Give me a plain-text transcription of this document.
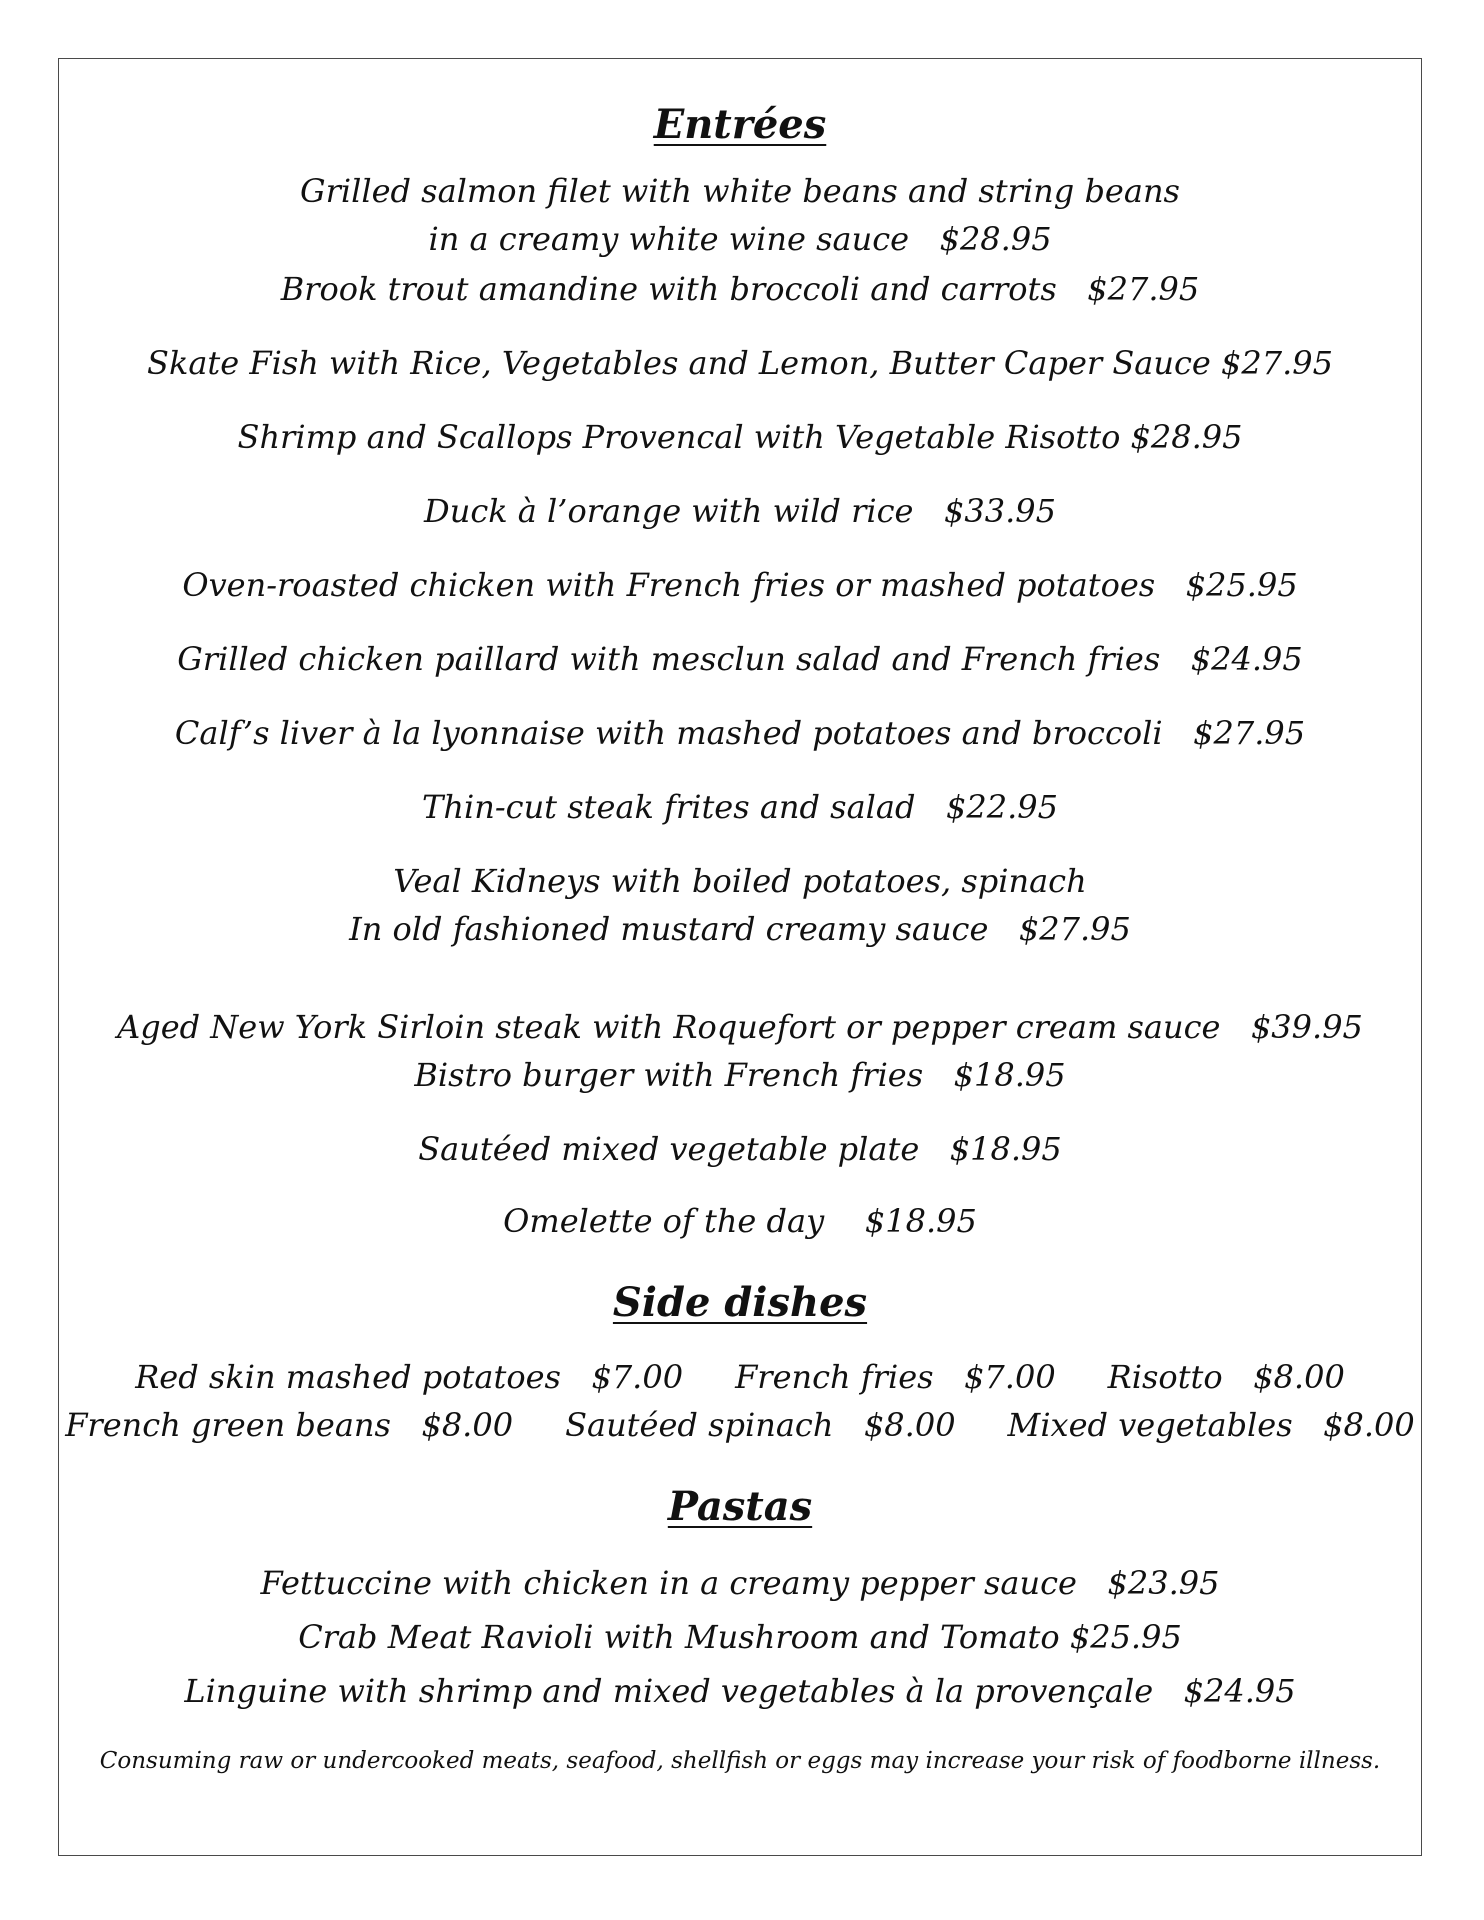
Entrées
Grilled salmon filet with white beans and string beans
in a creamy white wine sauce   $28.95
Brook trout amandine with broccoli and carrots   $27.95
Skate Fish with Rice, Vegetables and Lemon, Butter Caper Sauce $27.95
Shrimp and Scallops Provencal with Vegetable Risotto $28.95
Duck à l’orange with wild rice   $33.95
Oven-roasted chicken with French fries or mashed potatoes   $25.95
Grilled chicken paillard with mesclun salad and French fries   $24.95
Calf’s liver à la lyonnaise with mashed potatoes and broccoli   $27.95
Thin-cut steak frites and salad   $22.95
Veal Kidneys with boiled potatoes, spinach
In old fashioned mustard creamy sauce   $27.95
Aged New York Sirloin steak with Roquefort or pepper cream sauce   $39.95
Bistro burger with French fries   $18.95
Sautéed mixed vegetable plate   $18.95
Omelette of the day    $18.95
Side dishes
Red skin mashed potatoes   $7.00 French fries   $7.00 Risotto   $8.00
French green beans   $8.00 Sautéed spinach   $8.00 Mixed vegetables   $8.00
Pastas
Fettuccine with chicken in a creamy pepper sauce   $23.95
Crab Meat Ravioli with Mushroom and Tomato $25.95
Linguine with shrimp and mixed vegetables à la provençale   $24.95
Consuming raw or undercooked meats, seafood, shellfish or eggs may increase your risk of foodborne illness.
